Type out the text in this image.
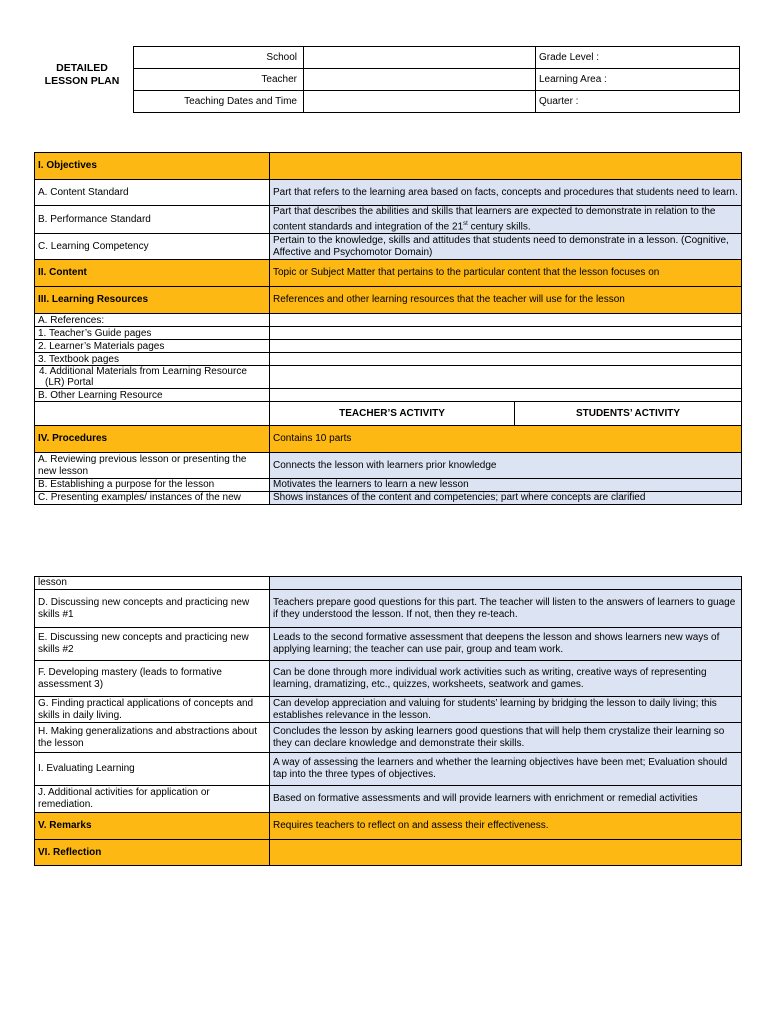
DETAILED
LESSON PLAN
School		Grade Level :
Teacher		Learning Area :
Teaching Dates and Time		Quarter :
I. Objectives		
A. Content Standard	Part that refers to the learning area based on facts, concepts and procedures that students need to learn.	
B. Performance Standard	Part that describes the abilities and skills that learners are expected to demonstrate in relation to the content standards and integration of the 21st century skills.	
C. Learning Competency	Pertain to the knowledge, skills and attitudes that students need to demonstrate in a lesson. (Cognitive, Affective and Psychomotor Domain)	
II. Content	Topic or Subject Matter that pertains to the particular content that the lesson focuses on	
III. Learning Resources	References and other learning resources that the teacher will use for the lesson	
A. References:		
1. Teacher’s Guide pages		
2. Learner’s Materials pages		
3. Textbook pages		
4. Additional Materials from Learning Resource (LR) Portal		
B. Other Learning Resource		
	TEACHER’S ACTIVITY	STUDENTS’ ACTIVITY
IV. Procedures	Contains 10 parts	
A. Reviewing previous lesson or presenting the new lesson	Connects the lesson with learners prior knowledge	
B. Establishing a purpose for the lesson	Motivates the learners to learn a new lesson	
C. Presenting examples/ instances of the new	Shows instances of the content and competencies; part where concepts are clarified	
lesson	
D. Discussing new concepts and practicing new skills #1	Teachers prepare good questions for this part. The teacher will listen to the answers of learners to guage if they understood the lesson. If not, then they re-teach.
E. Discussing new concepts and practicing new skills #2	Leads to the second formative assessment that deepens the lesson and shows learners new ways of applying learning; the teacher can use pair, group and team work.
F. Developing mastery (leads to formative assessment 3)	Can be done through more individual work activities such as writing, creative ways of representing learning, dramatizing, etc., quizzes, worksheets, seatwork and games.
G. Finding practical applications of concepts and skills in daily living.	Can develop appreciation and valuing for students’ learning by bridging the lesson to daily living; this establishes relevance in the lesson.
H. Making generalizations and abstractions about the lesson	Concludes the lesson by asking learners good questions that will help them crystalize their learning so they can declare knowledge and demonstrate their skills.
I. Evaluating Learning	A way of assessing the learners and whether the learning objectives have been met; Evaluation should tap into the three types of objectives.
J. Additional activities for application or remediation.	Based on formative assessments and will provide learners with enrichment or remedial activities
V. Remarks	Requires teachers to reflect on and assess their effectiveness.
VI. Reflection	
